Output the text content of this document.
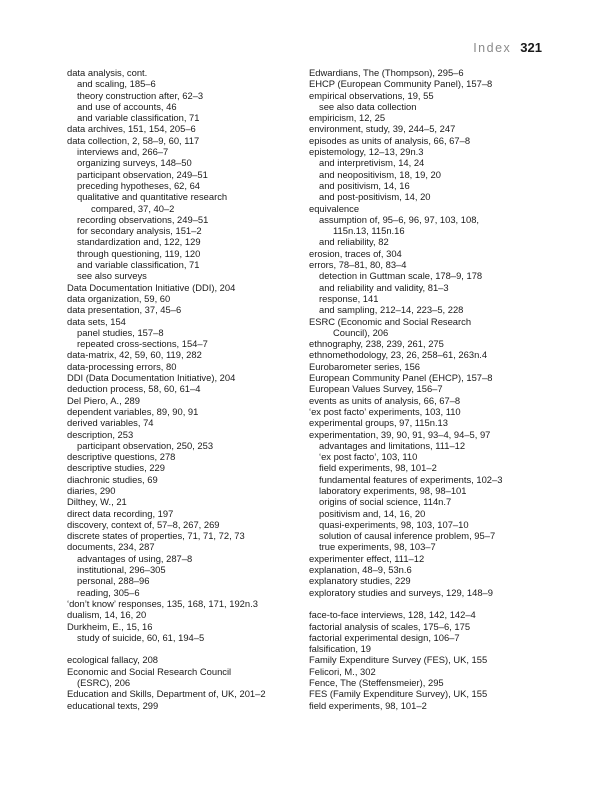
Index 321
data analysis, cont.
and scaling, 185–6
theory construction after, 62–3
and use of accounts, 46
and variable classification, 71
data archives, 151, 154, 205–6
data collection, 2, 58–9, 60, 117
interviews and, 266–7
organizing surveys, 148–50
participant observation, 249–51
preceding hypotheses, 62, 64
qualitative and quantitative research
compared, 37, 40–2
recording observations, 249–51
for secondary analysis, 151–2
standardization and, 122, 129
through questioning, 119, 120
and variable classification, 71
see also surveys
Data Documentation Initiative (DDI), 204
data organization, 59, 60
data presentation, 37, 45–6
data sets, 154
panel studies, 157–8
repeated cross-sections, 154–7
data-matrix, 42, 59, 60, 119, 282
data-processing errors, 80
DDI (Data Documentation Initiative), 204
deduction process, 58, 60, 61–4
Del Piero, A., 289
dependent variables, 89, 90, 91
derived variables, 74
description, 253
participant observation, 250, 253
descriptive questions, 278
descriptive studies, 229
diachronic studies, 69
diaries, 290
Dilthey, W., 21
direct data recording, 197
discovery, context of, 57–8, 267, 269
discrete states of properties, 71, 71, 72, 73
documents, 234, 287
advantages of using, 287–8
institutional, 296–305
personal, 288–96
reading, 305–6
‘don’t know’ responses, 135, 168, 171, 192n.3
dualism, 14, 16, 20
Durkheim, E., 15, 16
study of suicide, 60, 61, 194–5
ecological fallacy, 208
Economic and Social Research Council
(ESRC), 206
Education and Skills, Department of, UK, 201–2
educational texts, 299
Edwardians, The (Thompson), 295–6
EHCP (European Community Panel), 157–8
empirical observations, 19, 55
see also data collection
empiricism, 12, 25
environment, study, 39, 244–5, 247
episodes as units of analysis, 66, 67–8
epistemology, 12–13, 29n.3
and interpretivism, 14, 24
and neopositivism, 18, 19, 20
and positivism, 14, 16
and post-positivism, 14, 20
equivalence
assumption of, 95–6, 96, 97, 103, 108,
115n.13, 115n.16
and reliability, 82
erosion, traces of, 304
errors, 78–81, 80, 83–4
detection in Guttman scale, 178–9, 178
and reliability and validity, 81–3
response, 141
and sampling, 212–14, 223–5, 228
ESRC (Economic and Social Research
Council), 206
ethnography, 238, 239, 261, 275
ethnomethodology, 23, 26, 258–61, 263n.4
Eurobarometer series, 156
European Community Panel (EHCP), 157–8
European Values Survey, 156–7
events as units of analysis, 66, 67–8
‘ex post facto’ experiments, 103, 110
experimental groups, 97, 115n.13
experimentation, 39, 90, 91, 93–4, 94–5, 97
advantages and limitations, 111–12
‘ex post facto’, 103, 110
field experiments, 98, 101–2
fundamental features of experiments, 102–3
laboratory experiments, 98, 98–101
origins of social science, 114n.7
positivism and, 14, 16, 20
quasi-experiments, 98, 103, 107–10
solution of causal inference problem, 95–7
true experiments, 98, 103–7
experimenter effect, 111–12
explanation, 48–9, 53n.6
explanatory studies, 229
exploratory studies and surveys, 129, 148–9
face-to-face interviews, 128, 142, 142–4
factorial analysis of scales, 175–6, 175
factorial experimental design, 106–7
falsification, 19
Family Expenditure Survey (FES), UK, 155
Felicori, M., 302
Fence, The (Steffensmeier), 295
FES (Family Expenditure Survey), UK, 155
field experiments, 98, 101–2
